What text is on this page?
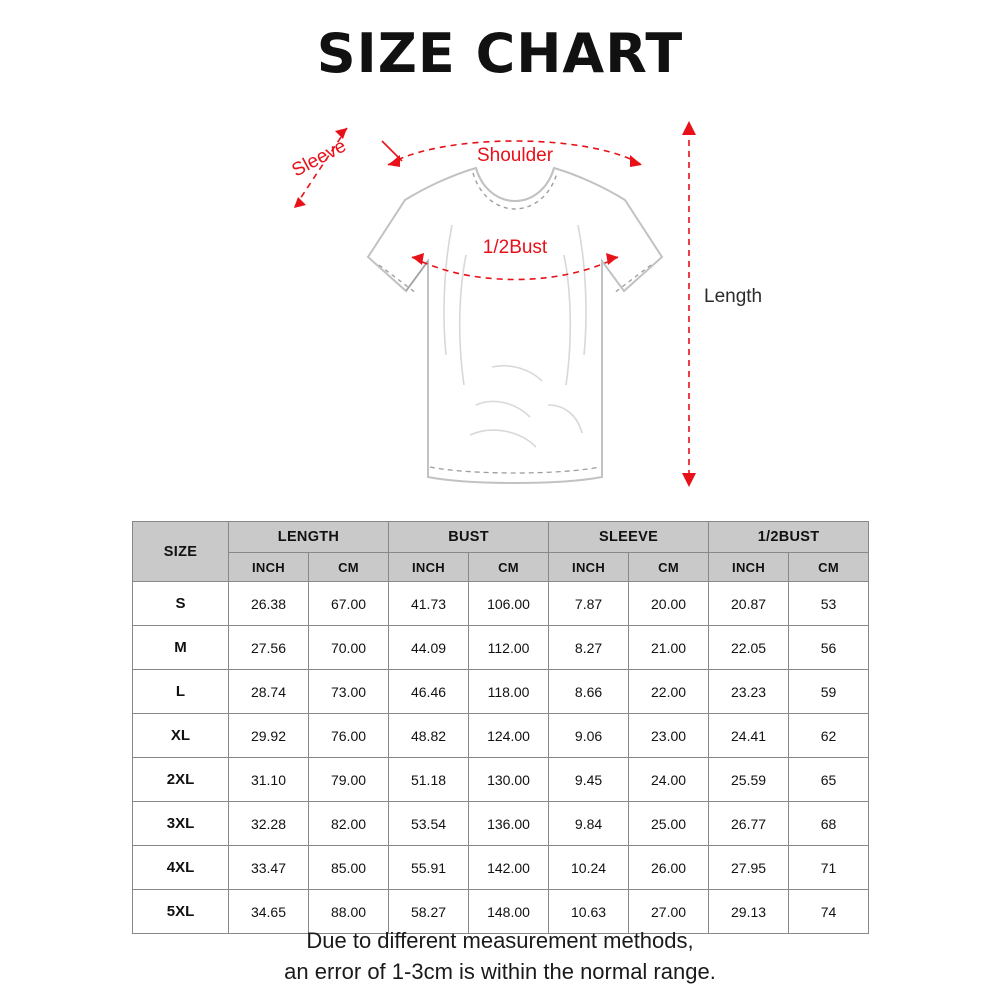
SIZE CHART
Shoulder
Sleeve
1/2Bust
Length
SIZE	LENGTH		BUST		SLEEVE		1/2BUST	
	INCH	CM	INCH	CM	INCH	CM	INCH	CM
S	26.38	67.00	41.73	106.00	7.87	20.00	20.87	53
M	27.56	70.00	44.09	112.00	8.27	21.00	22.05	56
L	28.74	73.00	46.46	118.00	8.66	22.00	23.23	59
XL	29.92	76.00	48.82	124.00	9.06	23.00	24.41	62
2XL	31.10	79.00	51.18	130.00	9.45	24.00	25.59	65
3XL	32.28	82.00	53.54	136.00	9.84	25.00	26.77	68
4XL	33.47	85.00	55.91	142.00	10.24	26.00	27.95	71
5XL	34.65	88.00	58.27	148.00	10.63	27.00	29.13	74
Due to different measurement methods,
an error of 1-3cm is within the normal range.
